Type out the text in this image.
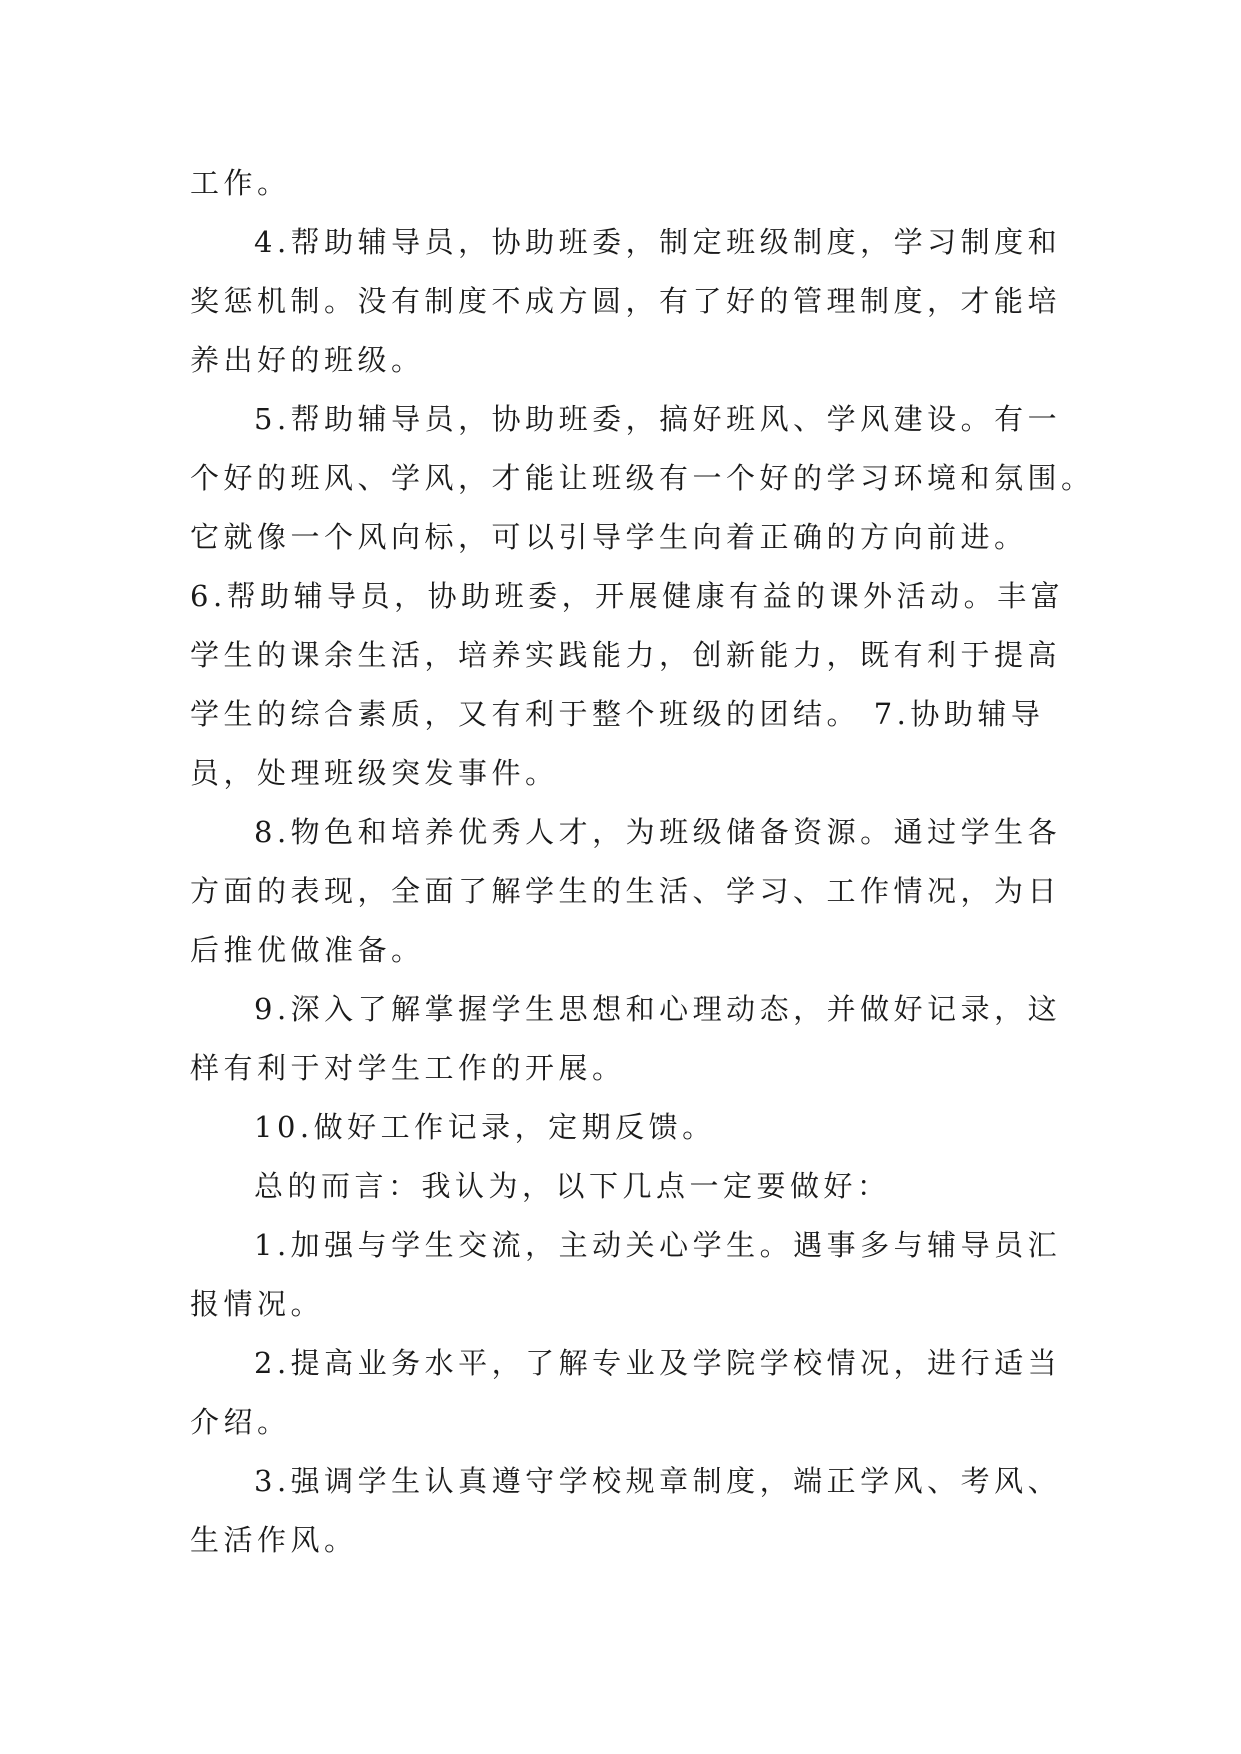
工作。
4.帮助辅导员，协助班委，制定班级制度，学习制度和
奖惩机制。没有制度不成方圆，有了好的管理制度，才能培
养出好的班级。
5.帮助辅导员，协助班委，搞好班风、学风建设。有一
个好的班风、学风，才能让班级有一个好的学习环境和氛围。
它就像一个风向标，可以引导学生向着正确的方向前进。
6.帮助辅导员，协助班委，开展健康有益的课外活动。丰富
学生的课余生活，培养实践能力，创新能力，既有利于提高
学生的综合素质，又有利于整个班级的团结。 7.协助辅导
员，处理班级突发事件。
8.物色和培养优秀人才，为班级储备资源。通过学生各
方面的表现，全面了解学生的生活、学习、工作情况，为日
后推优做准备。
9.深入了解掌握学生思想和心理动态，并做好记录，这
样有利于对学生工作的开展。
10.做好工作记录，定期反馈。
总的而言：我认为，以下几点一定要做好：
1.加强与学生交流，主动关心学生。遇事多与辅导员汇
报情况。
2.提高业务水平，了解专业及学院学校情况，进行适当
介绍。
3.强调学生认真遵守学校规章制度，端正学风、考风、
生活作风。
